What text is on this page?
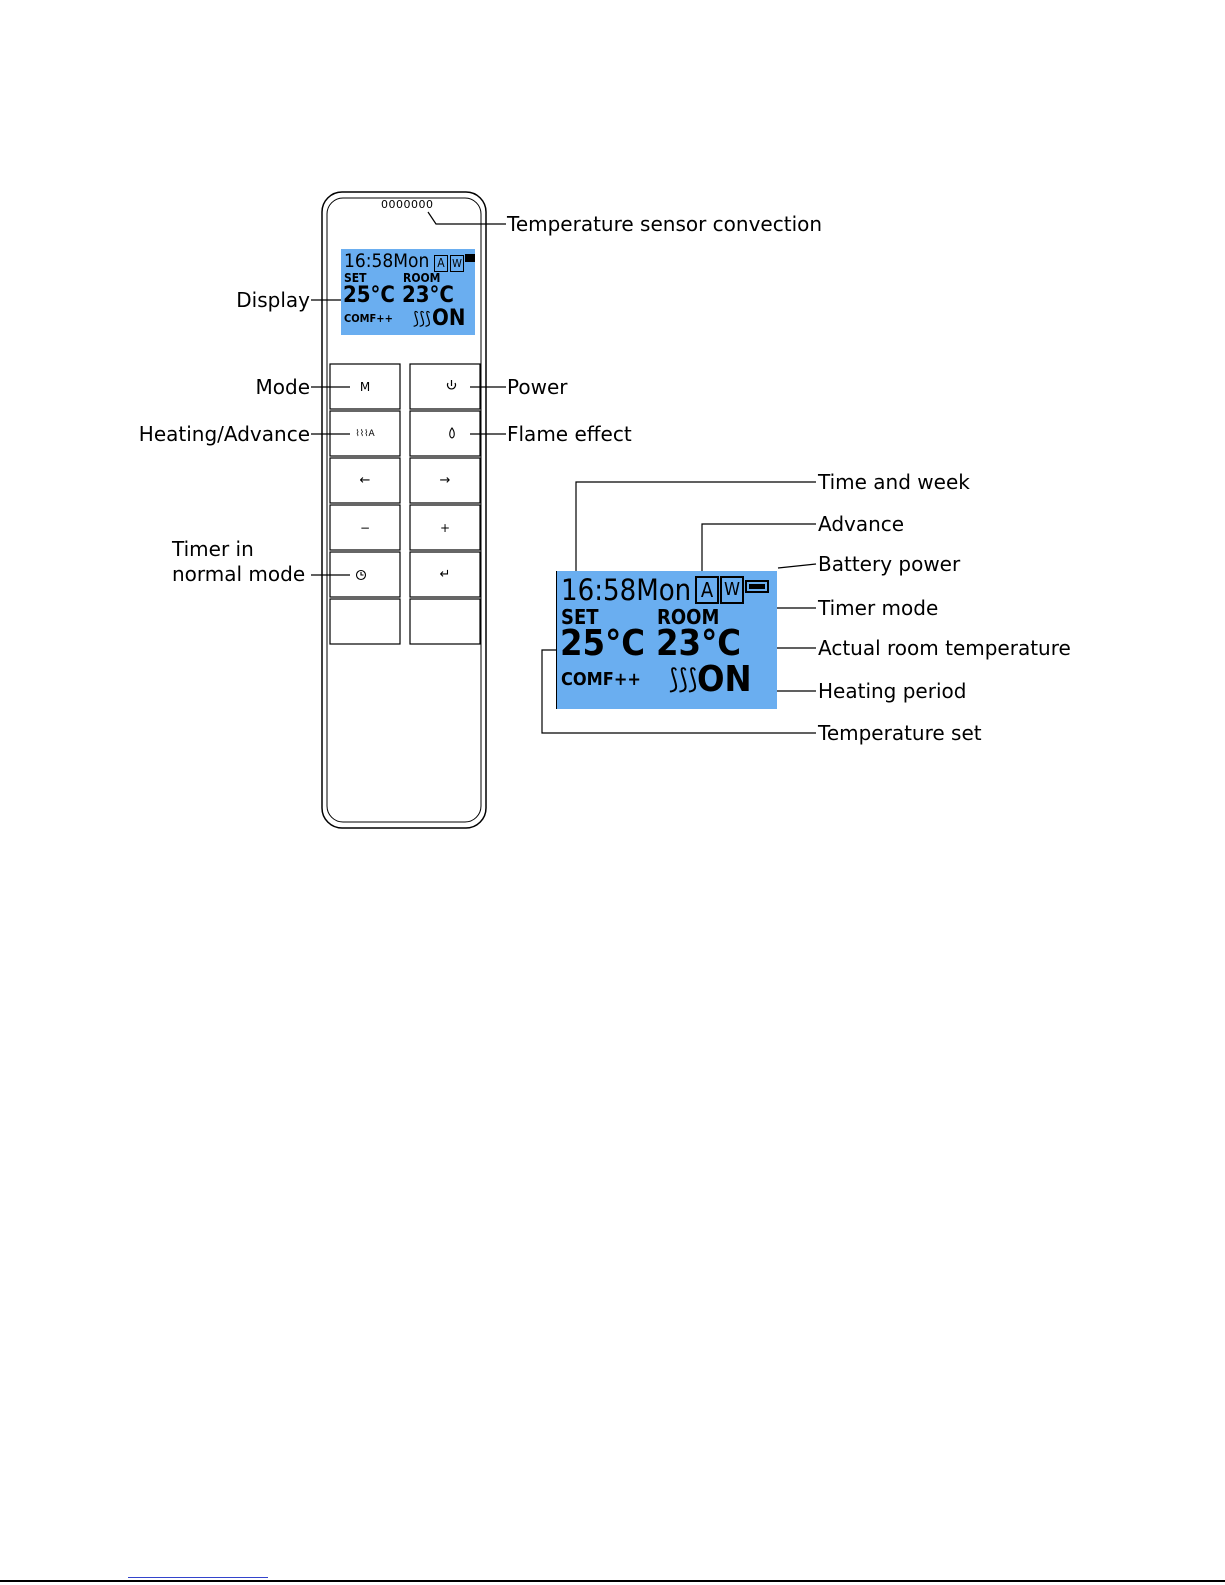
0000000
16:58Mon A W
SET	ROOM
25°C 23°C
COMF++ ⟆⟆⟆ ON
M
⌇⌇⌇A
←	→
−	+
↵	16:58Mon A W
SET	ROOM
25°C 23°C
COMF++ ⟆⟆⟆ ON
Temperature sensor convection
Display
Mode	Power
Heating/Advance	Flame effect
Timer in
normal mode
Time and week
Advance
Battery power
Timer mode
Actual room temperature
Heating period
Temperature set
